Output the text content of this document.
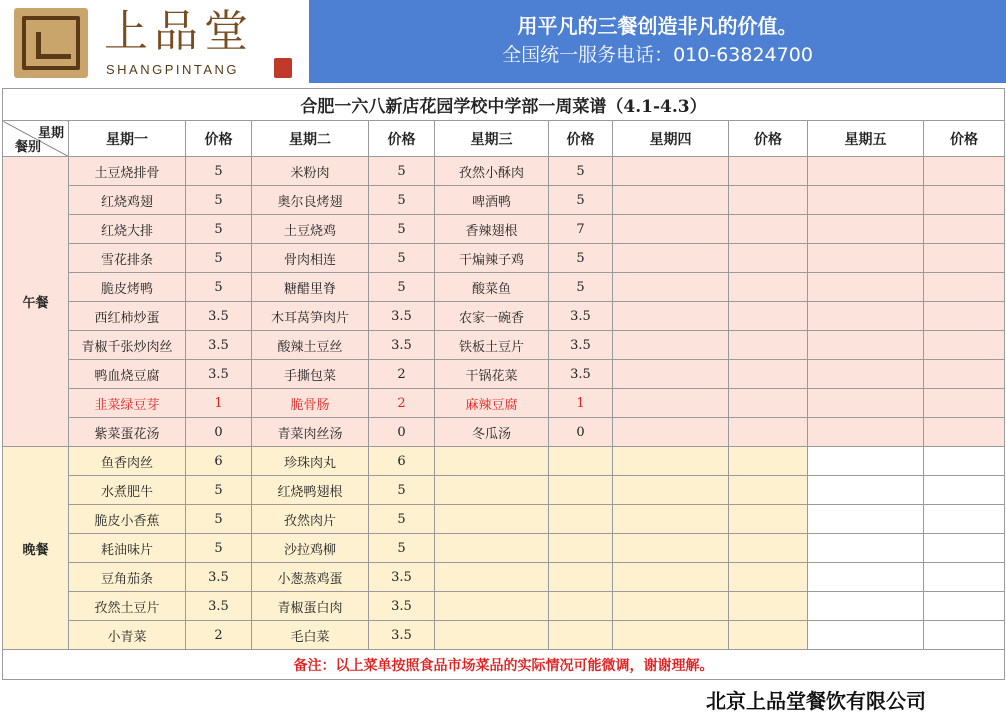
上品堂
SHANGPINTANG
用平凡的三餐创造非凡的价值。
全国统一服务电话：010-63824700
合肥一六八新店花园学校中学部一周菜谱（4.1-4.3）										

星期
餐别	星期一	价格	星期二	价格	星期三	价格	星期四	价格	星期五	价格
午餐	土豆烧排骨	5	米粉肉	5	孜然小酥肉	5				
	红烧鸡翅	5	奥尔良烤翅	5	啤酒鸭	5				
	红烧大排	5	土豆烧鸡	5	香辣翅根	7				
	雪花排条	5	骨肉相连	5	干煸辣子鸡	5				
	脆皮烤鸭	5	糖醋里脊	5	酸菜鱼	5				
	西红柿炒蛋	3.5	木耳莴笋肉片	3.5	农家一碗香	3.5				
	青椒千张炒肉丝	3.5	酸辣土豆丝	3.5	铁板土豆片	3.5				
	鸭血烧豆腐	3.5	手撕包菜	2	干锅花菜	3.5				
	韭菜绿豆芽	1	脆骨肠	2	麻辣豆腐	1				
	紫菜蛋花汤	0	青菜肉丝汤	0	冬瓜汤	0				
晚餐	鱼香肉丝	6	珍珠肉丸	6						
	水煮肥牛	5	红烧鸭翅根	5						
	脆皮小香蕉	5	孜然肉片	5						
	耗油味片	5	沙拉鸡柳	5						
	豆角茄条	3.5	小葱蒸鸡蛋	3.5						
	孜然土豆片	3.5	青椒蛋白肉	3.5						
	小青菜	2	毛白菜	3.5						
备注：以上菜单按照食品市场菜品的实际情况可能微调，谢谢理解。										
北京上品堂餐饮有限公司
